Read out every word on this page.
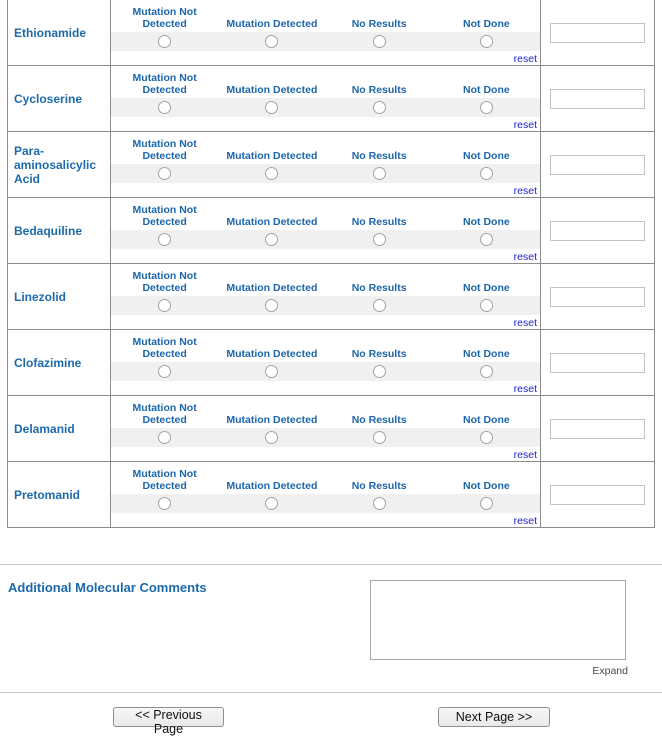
Ethionamide
Mutation Not Detected	Mutation Detected	No Results	Not Done
reset
Cycloserine
Mutation Not Detected	Mutation Detected	No Results	Not Done
reset
Para-aminosalicylic Acid
Mutation Not Detected	Mutation Detected	No Results	Not Done
reset
Bedaquiline
Mutation Not Detected	Mutation Detected	No Results	Not Done
reset
Linezolid
Mutation Not Detected	Mutation Detected	No Results	Not Done
reset
Clofazimine
Mutation Not Detected	Mutation Detected	No Results	Not Done
reset
Delamanid
Mutation Not Detected	Mutation Detected	No Results	Not Done
reset
Pretomanid
Mutation Not Detected	Mutation Detected	No Results	Not Done
reset
Additional Molecular Comments
Expand
<< Previous Page
Next Page >>
